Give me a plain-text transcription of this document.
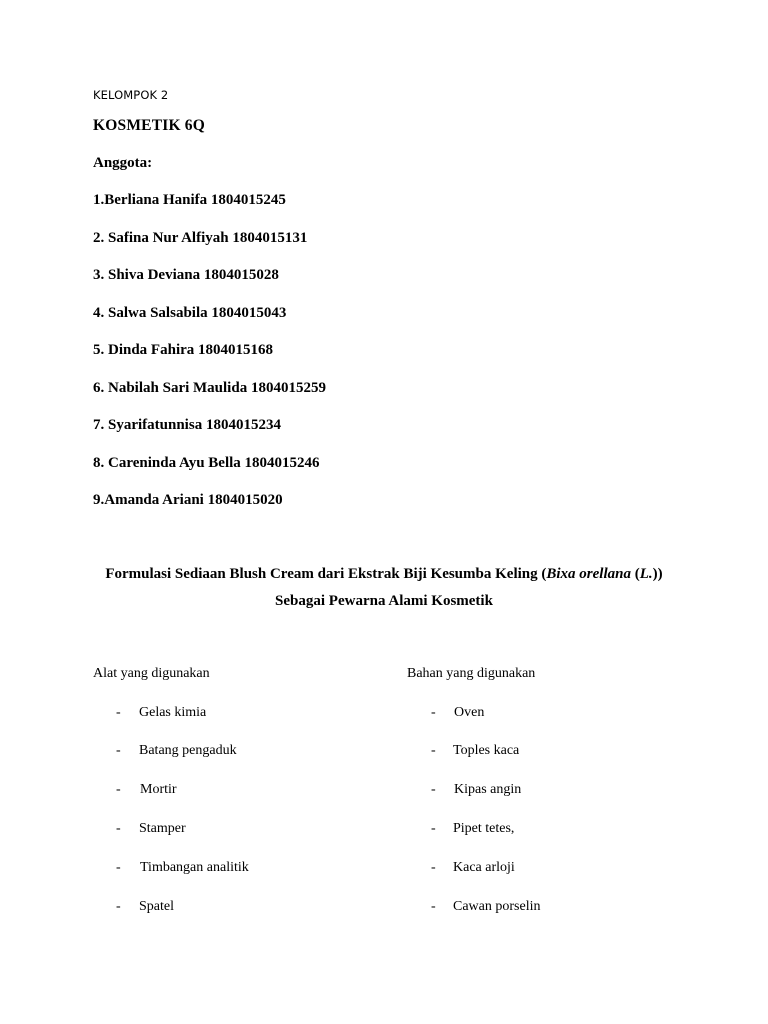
KELOMPOK 2
KOSMETIK 6Q
Anggota:
1.Berliana Hanifa 1804015245
2. Safina Nur Alfiyah 1804015131
3. Shiva Deviana 1804015028
4. Salwa Salsabila 1804015043
5. Dinda Fahira 1804015168
6. Nabilah Sari Maulida 1804015259
7. Syarifatunnisa 1804015234
8. Careninda Ayu Bella 1804015246
9.Amanda Ariani 1804015020
Formulasi Sediaan Blush Cream dari Ekstrak Biji Kesumba Keling (Bixa orellana (L.))
Sebagai Pewarna Alami Kosmetik
Alat yang digunakan	Bahan yang digunakan
- Gelas kimia
- Batang pengaduk
- Mortir
- Stamper
- Timbangan analitik
- Spatel
- Oven
- Toples kaca
- Kipas angin
- Pipet tetes,
- Kaca arloji
- Cawan porselin
